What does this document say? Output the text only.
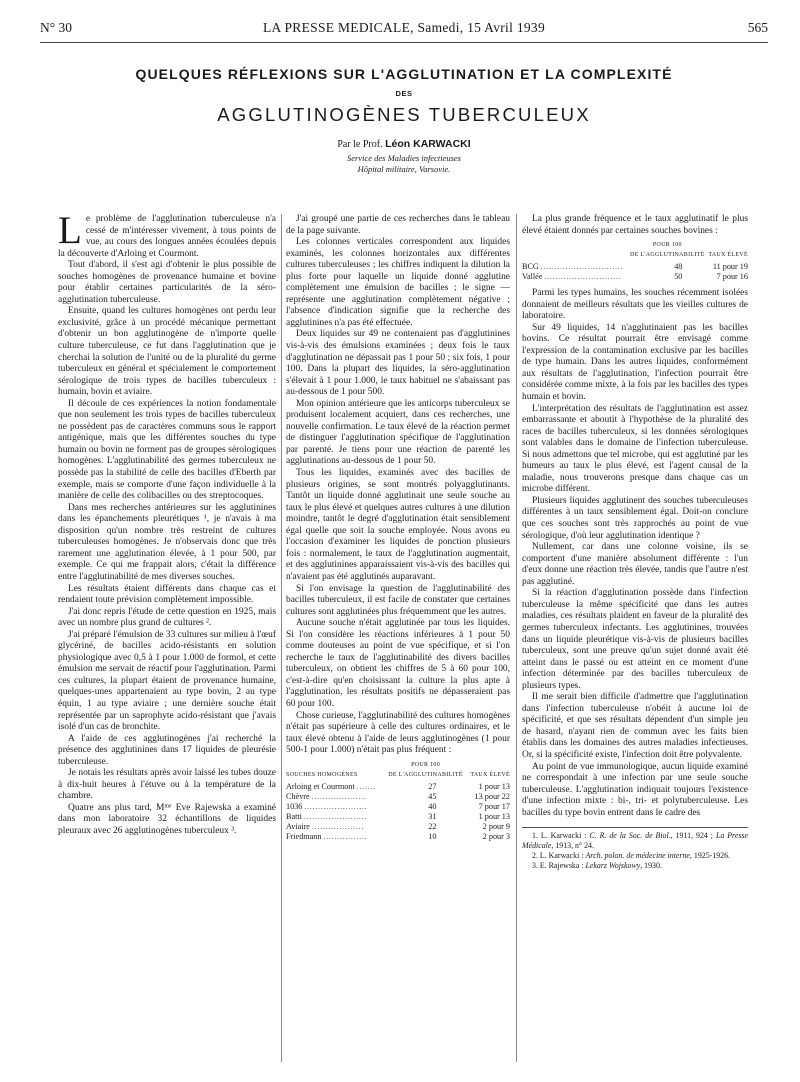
N° 30	LA PRESSE MEDICALE, Samedi, 15 Avril 1939	565
QUELQUES RÉFLEXIONS SUR L'AGGLUTINATION ET LA COMPLEXITÉ
DES
AGGLUTINOGÈNES TUBERCULEUX
Par le Prof. Léon KARWACKI
Service des Maladies infectieuses
Hôpital militaire, Varsovie.

Le problème de l'agglutination tuberculeuse n'a cessé de m'intéresser vivement, à tous points de vue, au cours des longues années écoulées depuis la découverte d'Arloing et Courmont.

Tout d'abord, il s'est agi d'obtenir le plus possible de souches homogènes de provenance humaine et bovine pour établir certaines particularités de la séro-agglutination tuberculeuse.

Ensuite, quand les cultures homogènes ont perdu leur exclusivité, grâce à un procédé mécanique permettant d'obtenir un bon agglutinogène de n'importe quelle culture tuberculeuse, ce fut dans l'agglutination que je cherchai la solution de l'unité ou de la pluralité du germe tuberculeux en général et spécialement le comportement sérologique de trois types de bacilles tuberculeux : humain, bovin et aviaire.

Il découle de ces expériences la notion fondamentale que non seulement les trois types de bacilles tuberculeux ne possèdent pas de caractères communs sous le rapport antigénique, mais que les différentes souches du type humain ou bovin ne forment pas de groupes sérologiques homogènes. L'agglutinabilité des germes tuberculeux ne possède pas la stabilité de celle des bacilles d'Eberth par exemple, mais se comporte d'une façon individuelle à la manière de celle des colibacilles ou des streptocoques.

Dans mes recherches antérieures sur les agglutinines dans les épanchements pleurétiques ¹, je n'avais à ma disposition qu'un nombre très restreint de cultures tuberculeuses homogènes. Je n'observais donc que très rarement une agglutination élevée, à 1 pour 500, par exemple. Ce qui me frappait alors, c'était la différence entre l'agglutinabilité de mes diverses souches.

Les résultats étaient différents dans chaque cas et rendaient toute prévision complètement impossible.

J'ai donc repris l'étude de cette question en 1925, mais avec un nombre plus grand de cultures ².

J'ai préparé l'émulsion de 33 cultures sur milieu à l'œuf glycériné, de bacilles acido-résistants en solution physiologique avec 0,5 à 1 pour 1.000 de formol, et cette émulsion me servait de réactif pour l'agglutination. Parmi ces cultures, la plupart étaient de provenance humaine, quelques-unes appartenaient au type bovin, 2 au type équin, 1 au type aviaire ; une dernière souche était représentée par un saprophyte acido-résistant que j'avais isolé d'un cas de bronchite.

A l'aide de ces agglutinogènes j'ai recherché la présence des agglutinines dans 17 liquides de pleurésie tuberculeuse.

Je notais les résultats après avoir laissé les tubes douze à dix-huit heures à l'étuve ou à la température de la chambre.

Quatre ans plus tard, Mᵐᵉ Eve Rajewska a examiné dans mon laboratoire 32 échantillons de liquides pleuraux avec 26 agglutinogènes tuberculeux ³.

J'ai groupé une partie de ces recherches dans le tableau de la page suivante.

Les colonnes verticales correspondent aux liquides examinés, les colonnes horizontales aux différentes cultures tuberculeuses ; les chiffres indiquent la dilution la plus forte pour laquelle un liquide donné agglutine complètement une émulsion de bacilles ; le signe — représente une agglutination complètement négative ; l'absence d'indication signifie que la recherche des agglutinines n'a pas été effectuée.

Deux liquides sur 49 ne contenaient pas d'agglutinines vis-à-vis des émulsions examinées ; deux fois le taux d'agglutination ne dépassait pas 1 pour 50 ; six fois, 1 pour 100. Dans la plupart des liquides, la séro-agglutination s'élevait à 1 pour 1.000, le taux habituel ne s'abaissant pas au-dessous de 1 pour 500.

Mon opinion antérieure que les anticorps tuberculeux se produisent localement acquiert, dans ces recherches, une nouvelle confirmation. Le taux élevé de la réaction permet de distinguer l'agglutination spécifique de l'agglutination par parenté. Je tiens pour une réaction de parenté les agglutinations au-dessous de 1 pour 50.

Tous les liquides, examinés avec des bacilles de plusieurs origines, se sont montrés polyagglutinants. Tantôt un liquide donné agglutinait une seule souche au taux le plus élevé et quelques autres cultures à une dilution moindre, tantôt le degré d'agglutination était sensiblement égal quelle que soit la souche employée. Nous avons eu l'occasion d'examiner les liquides de ponction plusieurs fois : normalement, le taux de l'agglutination augmentait, et des agglutinines apparaissaient vis-à-vis des bacilles qui n'avaient pas été agglutinés auparavant.

Si l'on envisage la question de l'agglutinabilité des bacilles tuberculeux, il est facile de constater que certaines cultures sont agglutinées plus fréquemment que les autres.

Aucune souche n'était agglutinée par tous les liquides. Si l'on considère les réactions inférieures à 1 pour 50 comme douteuses au point de vue spécifique, et si l'on recherche le taux de l'agglutinabilité des divers bacilles tuberculeux, on obtient les chiffres de 5 à 60 pour 100, c'est-à-dire qu'en choisissant la culture la plus apte à l'agglutination, les résultats positifs ne dépasseraient pas 60 pour 100.

Chose curieuse, l'agglutinabilité des cultures homogènes n'était pas supérieure à celle des cultures ordinaires, et le taux élevé obtenu à l'aide de leurs agglutinogènes (1 pour 500-1 pour 1.000) n'était pas plus fréquent :

SOUCHES HOMOGÈNES	POUR 100
DE L'AGGLUTINABILITÉ	TAUX ÉLEVÉ
Arloing et Courmont .......	27	1 pour 13
Chèvre ....................	45	13 pour 22
1036 .......................	40	7 pour 17
Batti .......................	31	1 pour 13
Aviaire ...................	22	2 pour 9
Friedmann ................	10	2 pour 3

La plus grande fréquence et le taux agglutinatif le plus élevé étaient donnés par certaines souches bovines :

	POUR 100
DE L'AGGLUTINABILITÉ	TAUX ÉLEVÉ
BCG ..............................	48	11 pour 19
Vallée ............................	50	7 pour 16

Parmi les types humains, les souches récemment isolées donnaient de meilleurs résultats que les vieilles cultures de laboratoire.

Sur 49 liquides, 14 n'agglutinaient pas les bacilles bovins. Ce résultat pourrait être envisagé comme l'expression de la contamination exclusive par les bacilles de type humain. Dans les autres liquides, conformément aux résultats de l'agglutination, l'infection pourrait être considérée comme mixte, à la fois par les bacilles des types humain et bovin.

L'interprétation des résultats de l'agglutination est assez embarrassante et aboutit à l'hypothèse de la pluralité des races de bacilles tuberculeux, si les données sérologiques sont valables dans le domaine de l'infection tuberculeuse. Si nous admettons que tel microbe, qui est agglutiné par les humeurs au taux le plus élevé, est l'agent causal de la maladie, nous trouverons presque dans chaque cas un microbe différent.

Plusieurs liquides agglutinent des souches tuberculeuses différentes à un taux sensiblement égal. Doit-on conclure que ces souches sont très rapprochés au point de vue sérologique, d'où leur agglutination identique ?

Nullement, car dans une colonne voisine, ils se comportent d'une manière absolument différente : l'un d'eux donne une réaction très élevée, tandis que l'autre n'est pas agglutiné.

Si la réaction d'agglutination possède dans l'infection tuberculeuse la même spécificité que dans les autres maladies, ces résultats plaident en faveur de la pluralité des germes tuberculeux infectants. Les agglutinines, trouvées dans un liquide pleurétique vis-à-vis de plusieurs bacilles tuberculeux, sont une preuve qu'un sujet donné avait été atteint dans le passé ou est atteint en ce moment d'une infection déterminée par des bacilles tuberculeux de plusieurs types.

Il me serait bien difficile d'admettre que l'agglutination dans l'infection tuberculeuse n'obéit à aucune loi de spécificité, et que ses résultats dépendent d'un simple jeu de hasard, n'ayant rien de commun avec les faits bien établis dans les domaines des autres maladies infectieuses. Or, si la spécificité existe, l'infection doit être polyvalente.

Au point de vue immunologique, aucun liquide examiné ne correspondait à une infection par une seule souche tuberculeuse. L'agglutination indiquait toujours l'existence d'une infection mixte : bi-, tri- et polytuberculeuse. Les bacilles du type bovin entrent dans le cadre des

1. L. Karwacki : C. R. de la Soc. de Biol., 1911, 924 ; La Presse Médicale, 1913, n° 24.

2. L. Karwacki : Arch. polon. de médecine interne, 1925-1926.

3. E. Rajewska : Lekarz Wojskowy, 1930.
